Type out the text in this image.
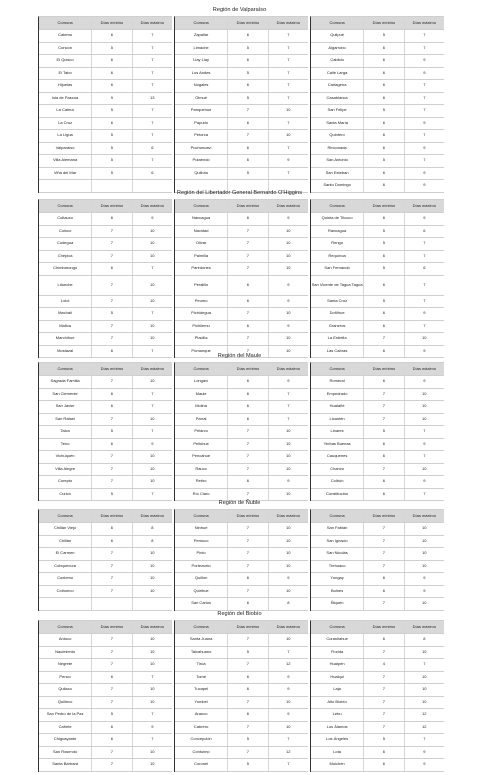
Región de Valparaíso
Comuna	Días mínimo	Días máximo
Catemu	6	7
Concón	5	7
El Quisco	6	7
El Tabo	6	7
Hijuelas	6	7
Isla de Pascua	9	13
La Calera	5	7
La Cruz	6	7
La Ligua	5	7
Valparaíso	5	6
Villa Alemana	5	7
Viña del Mar	5	6
Comuna	Días mínimo	Días máximo
Zapallar	6	7
Limache	5	7
Llay Llay	6	7
Los Andes	5	7
Nogales	6	7
Olmué	5	7
Panquehue	7	10
Papudo	6	7
Petorca	7	10
Puchuncaví	6	7
Putaendo	6	9
Quillota	5	7
Comuna	Días mínimo	Días máximo
Quilpué	5	7
Algarrobo	6	7
Cabildo	6	9
Calle Larga	6	9
Cartagena	6	7
Casablanca	6	7
San Felipe	5	7
Santa María	6	9
Quintero	6	7
Rinconada	6	9
San Antonio	5	7
San Esteban	6	9
Santo Domingo	6	9
Región del Libertador General Bernardo O'Higgins
Comuna	Días mínimo	Días máximo
Coltauco	6	9
Coinco	7	10
Codegua	7	10
Chépica	7	10
Chimbarongo	6	7
Litueche	7	10
Lolol	7	10
Machalí	5	7
Malloa	7	10
Marchihue	7	10
Mostazal	6	7
Comuna	Días mínimo	Días máximo
Nancagua	6	9
Navidad	7	10
Olivar	7	10
Palmilla	7	10
Paredones	7	10
Peralillo	6	9
Peumo	6	9
Pichidegua	7	10
Pichilemu	6	9
Placilla	7	10
Pumanque	7	10
Comuna	Días mínimo	Días máximo
Quinta de Tilcoco	6	9
Rancagua	5	6
Rengo	5	7
Requínoa	6	7
San Fernando	5	6
San Vicente de Tagua Tagua	6	7
Santa Cruz	5	7
Doñihue	6	9
Graneros	6	7
La Estrella	7	10
Las Cabras	6	9
Región del Maule
Comuna	Días mínimo	Días máximo
Sagrada Familia	7	10
San Clemente	6	7
San Javier	6	7
San Rafael	7	10
Talca	5	7
Teno	6	9
Vichuquén	7	10
Villa Alegre	7	10
Curepto	7	10
Curicó	5	7
Comuna	Días mínimo	Días máximo
Longaví	6	9
Maule	6	7
Molina	6	7
Parral	6	7
Pelarco	7	10
Pelluhue	7	10
Pencahue	7	10
Rauco	7	10
Retiro	6	9
Río Claro	7	10
Comuna	Días mínimo	Días máximo
Romeral	6	9
Empedrado	7	10
Hualañé	7	10
Licantén	7	10
Linares	5	7
Yerbas Buenas	6	9
Cauquenes	6	7
Chanco	7	10
Colbún	6	9
Constitución	6	7
Región de Ñuble
Comuna	Días mínimo	Días máximo
Chillán Viejo	6	8
Chillán	6	8
El Carmen	7	10
Cobquecura	7	10
Coelemu	7	10
Coihueco	7	10
Comuna	Días mínimo	Días máximo
Ninhue	7	10
Pemuco	7	10
Pinto	7	10
Portezuelo	7	10
Quillón	6	9
Quirihue	7	10
San Carlos	6	8
Comuna	Días mínimo	Días máximo
San Fabián	7	10
San Ignacio	7	10
San Nicolás	7	10
Trehuaco	7	10
Yungay	6	9
Bulnes	6	9
Ñiquén	7	10
Región del Biobío
Comuna	Días mínimo	Días máximo
Antuco	7	10
Nacimiento	7	10
Negrete	7	10
Penco	6	7
Quilaco	7	10
Quilleco	7	10
San Pedro de la Paz	5	7
Cañete	6	9
Chiguayante	6	7
San Rosendo	7	10
Santa Bárbara	7	10
Comuna	Días mínimo	Días máximo
Santa Juana	7	10
Talcahuano	5	7
Tirúa	7	12
Tomé	6	9
Tucapel	6	9
Yumbel	7	10
Arauco	6	9
Cabrero	7	10
Concepción	5	7
Contulmo	7	12
Coronel	5	7
Comuna	Días mínimo	Días máximo
Curanilahue	6	8
Florida	7	10
Hualpén	4	7
Hualqui	7	10
Laja	7	10
Alto Biobío	7	10
Lebu	7	12
Los Álamos	7	12
Los Ángeles	5	7
Lota	6	9
Mulchén	6	9
